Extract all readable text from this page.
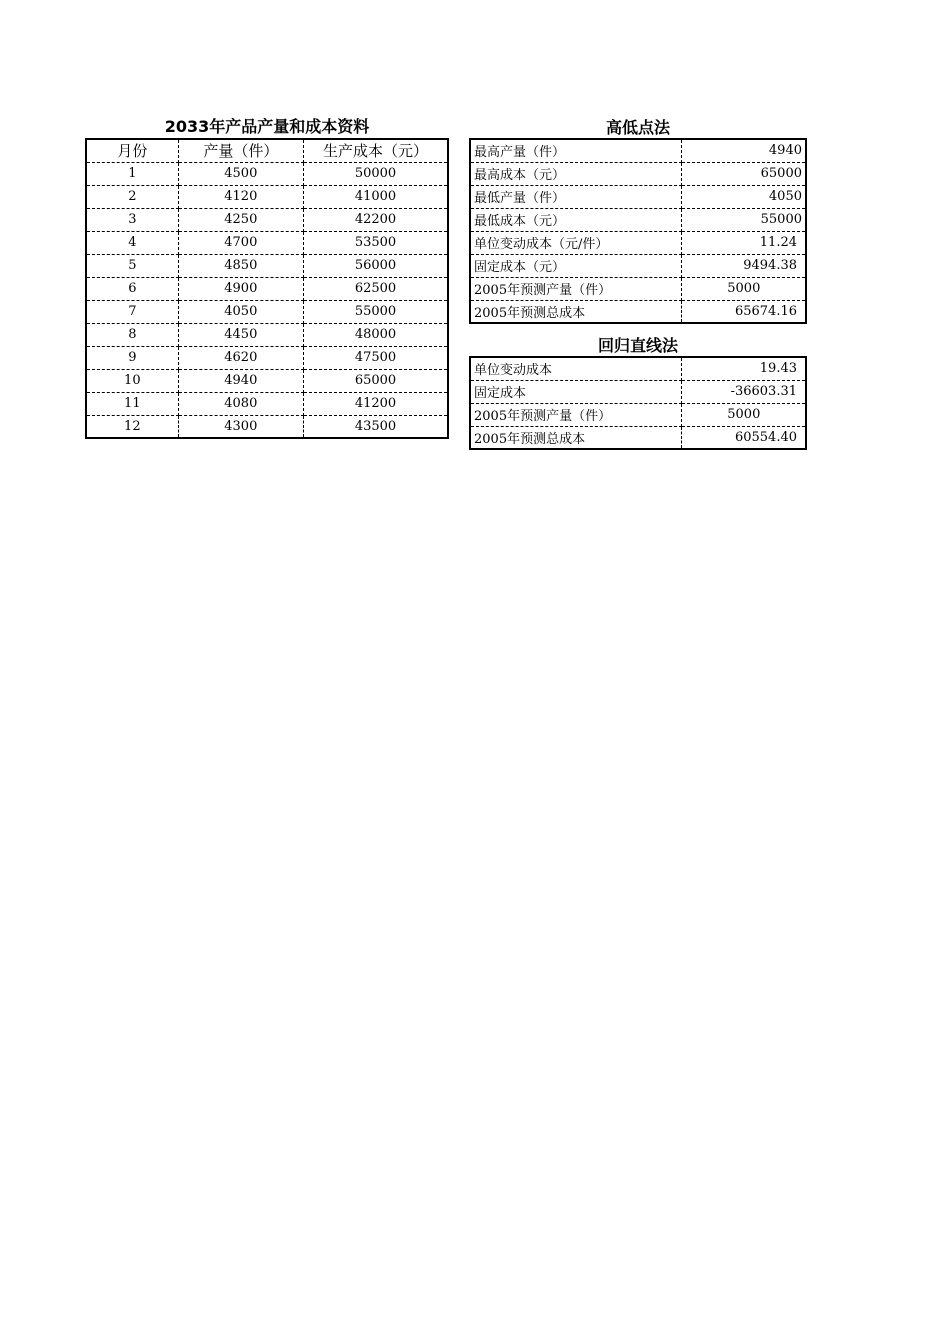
2033年产品产量和成本资料
月份	产量（件）	生产成本（元）
1	4500	50000
2	4120	41000
3	4250	42200
4	4700	53500
5	4850	56000
6	4900	62500
7	4050	55000
8	4450	48000
9	4620	47500
10	4940	65000
11	4080	41200
12	4300	43500
高低点法
最高产量（件）	4940
最高成本（元）	65000
最低产量（件）	4050
最低成本（元）	55000
单位变动成本（元/件）	11.24
固定成本（元）	9494.38
2005年预测产量（件）	5000
2005年预测总成本	65674.16
回归直线法
单位变动成本	19.43
固定成本	-36603.31
2005年预测产量（件）	5000
2005年预测总成本	60554.40
